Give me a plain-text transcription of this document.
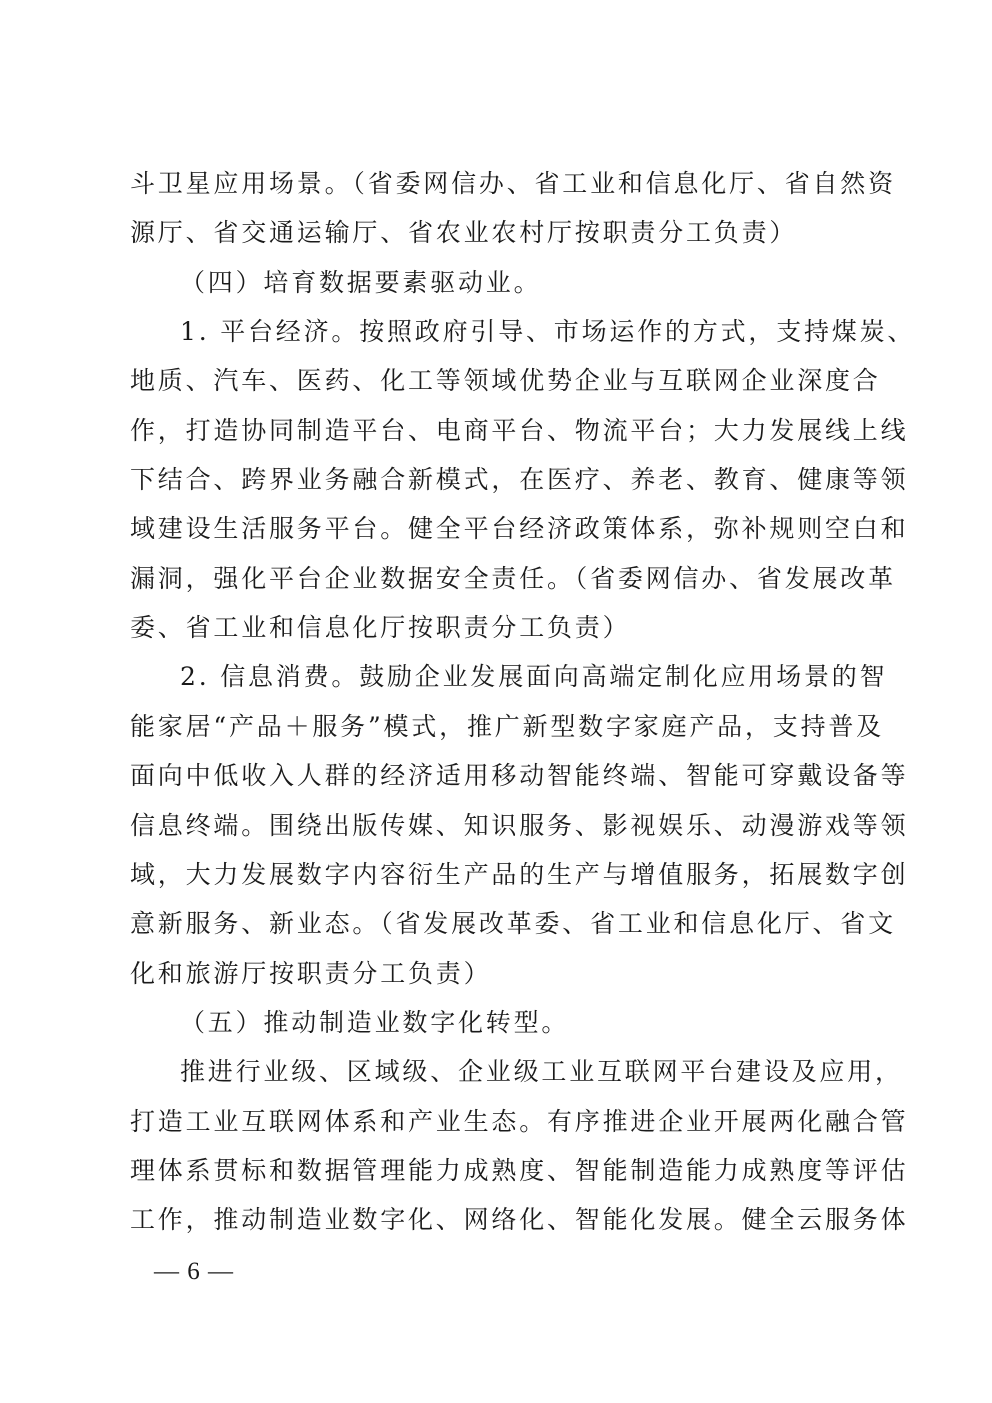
斗卫星应用场景。（省委网信办、省工业和信息化厅、省自然资
源厅、省交通运输厅、省农业农村厅按职责分工负责）
（四）培育数据要素驱动业。
1. 平台经济。按照政府引导、市场运作的方式，支持煤炭、
地质、汽车、医药、化工等领域优势企业与互联网企业深度合
作，打造协同制造平台、电商平台、物流平台；大力发展线上线
下结合、跨界业务融合新模式，在医疗、养老、教育、健康等领
域建设生活服务平台。健全平台经济政策体系，弥补规则空白和
漏洞，强化平台企业数据安全责任。（省委网信办、省发展改革
委、省工业和信息化厅按职责分工负责）
2. 信息消费。鼓励企业发展面向高端定制化应用场景的智
能家居“产品＋服务”模式，推广新型数字家庭产品，支持普及
面向中低收入人群的经济适用移动智能终端、智能可穿戴设备等
信息终端。围绕出版传媒、知识服务、影视娱乐、动漫游戏等领
域，大力发展数字内容衍生产品的生产与增值服务，拓展数字创
意新服务、新业态。（省发展改革委、省工业和信息化厅、省文
化和旅游厅按职责分工负责）
（五）推动制造业数字化转型。
推进行业级、区域级、企业级工业互联网平台建设及应用，
打造工业互联网体系和产业生态。有序推进企业开展两化融合管
理体系贯标和数据管理能力成熟度、智能制造能力成熟度等评估
工作，推动制造业数字化、网络化、智能化发展。健全云服务体
— 6 —
